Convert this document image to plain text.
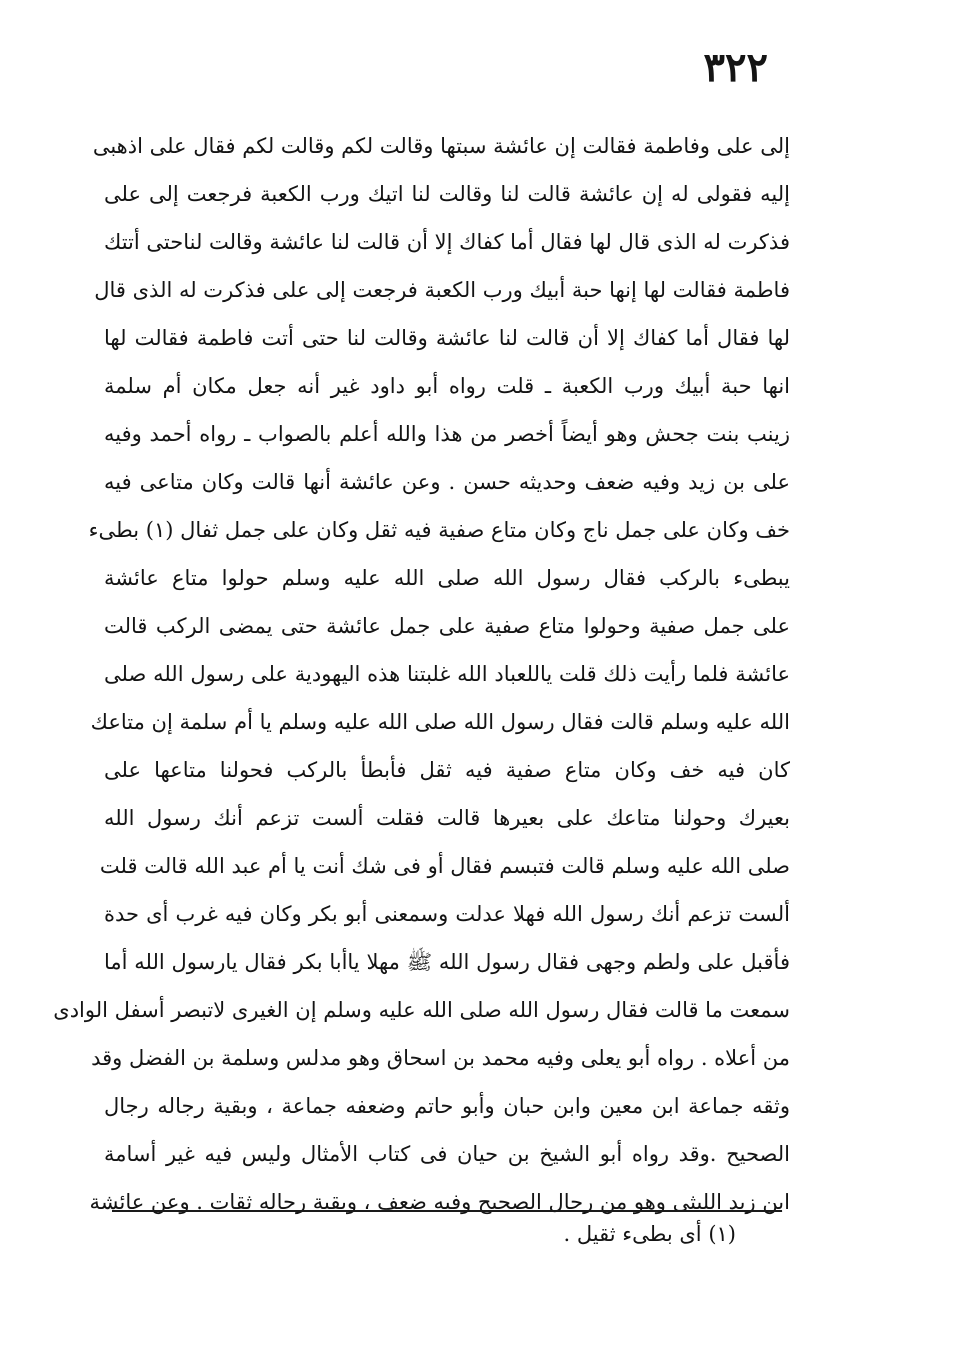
٣٢٢
إلى على وفاطمة فقالت إن عائشة سبتها وقالت لكم وقالت لكم فقال على اذهبى
إليه فقولى له إن عائشة قالت لنا وقالت لنا اتيك ورب الكعبة فرجعت إلى على
فذكرت له الذى قال لها فقال أما كفاك إلا أن قالت لنا عائشة وقالت لناحتى أتتك
فاطمة فقالت لها إنها حبة أبيك ورب الكعبة فرجعت إلى على فذكرت له الذى قال
لها فقال أما كفاك إلا أن قالت لنا عائشة وقالت لنا حتى أتت فاطمة فقالت لها
انها حبة أبيك ورب الكعبة ـ قلت رواه أبو داود غير أنه جعل مكان أم سلمة
زينب بنت جحش وهو أيضاً أخصر من هذا والله أعلم بالصواب ـ رواه أحمد وفيه
على بن زيد وفيه ضعف وحديثه حسن . وعن عائشة أنها قالت وكان متاعى فيه
خف وكان على جمل ناج وكان متاع صفية فيه ثقل وكان على جمل ثفال (١) بطىء
يبطىء بالركب فقال رسول الله صلى الله عليه وسلم حولوا متاع عائشة
على جمل صفية وحولوا متاع صفية على جمل عائشة حتى يمضى الركب قالت
عائشة فلما رأيت ذلك قلت ياللعباد الله غلبتنا هذه اليهودية على رسول الله صلى
الله عليه وسلم قالت فقال رسول الله صلى الله عليه وسلم يا أم سلمة إن متاعك
كان فيه خف وكان متاع صفية فيه ثقل فأبطأ بالركب فحولنا متاعها على
بعيرك وحولنا متاعك على بعيرها قالت فقلت ألست تزعم أنك رسول الله
صلى الله عليه وسلم قالت فتبسم فقال أو فى شك أنت يا أم عبد الله قالت قلت
ألست تزعم أنك رسول الله فهلا عدلت وسمعنى أبو بكر وكان فيه غرب أى حدة
فأقبل على ولطم وجهى فقال رسول الله ﷺ مهلا ياأبا بكر فقال يارسول الله أما
سمعت ما قالت فقال رسول الله صلى الله عليه وسلم إن الغيرى لاتبصر أسفل الوادى
من أعلاه . رواه أبو يعلى وفيه محمد بن اسحاق وهو مدلس وسلمة بن الفضل وقد
وثقه جماعة ابن معين وابن حبان وأبو حاتم وضعفه جماعة ، وبقية رجاله رجال
الصحيح .وقد رواه أبو الشيخ بن حيان فى كتاب الأمثال وليس فيه غير أسامة
ابن زيد الليثى وهو من رجال الصحيح وفيه ضعف ، وبقية رجاله ثقات . وعن عائشة
(١) أى بطىء ثقيل .
